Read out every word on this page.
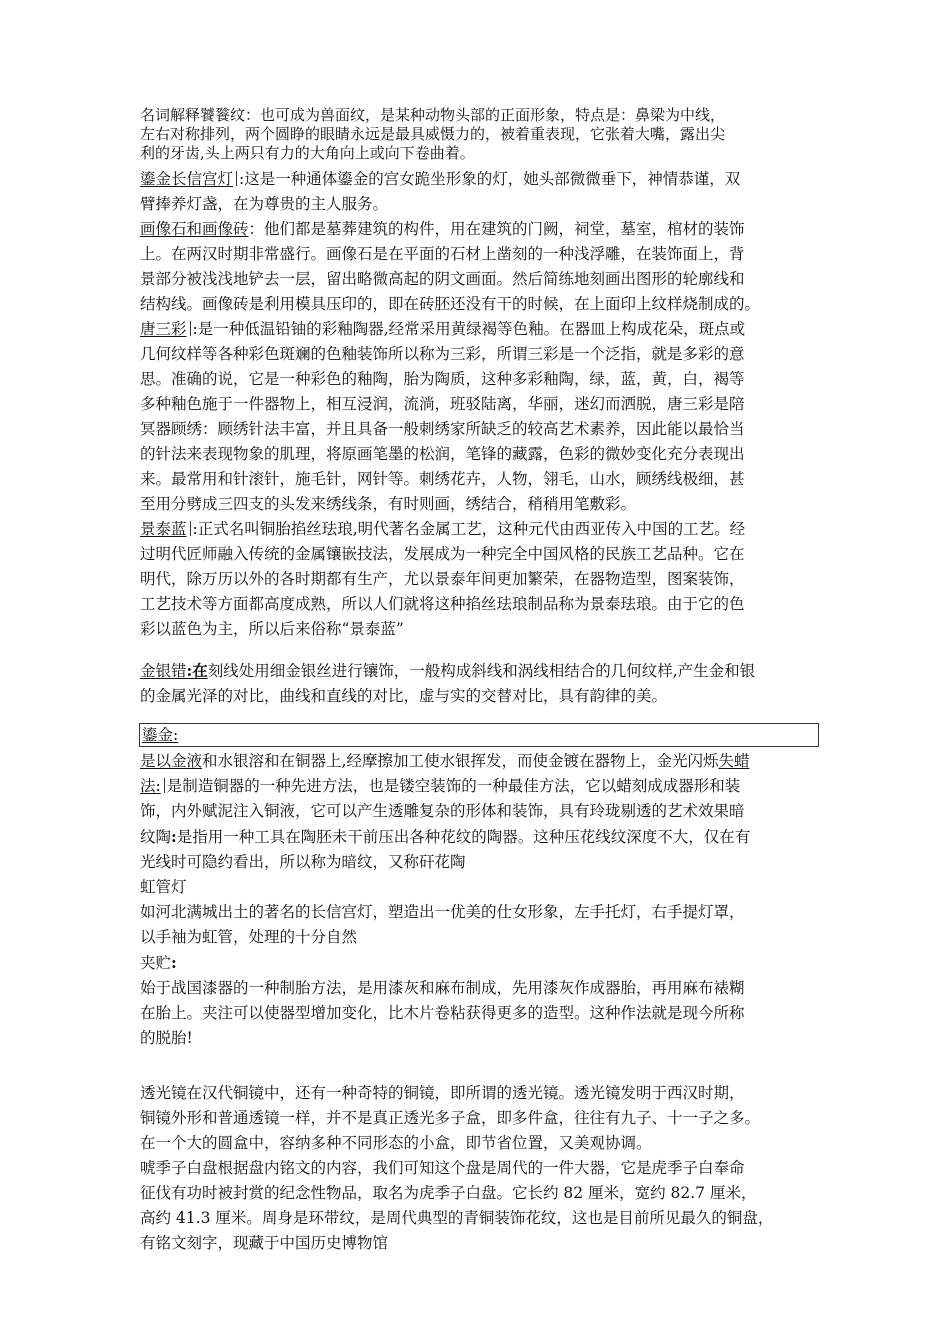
名词解释饕餮纹：也可成为兽面纹，是某种动物头部的正面形象，特点是：鼻梁为中线，
左右对称排列，两个圆睁的眼睛永远是最具威慑力的，被着重表现，它张着大嘴，露出尖
利的牙齿,头上两只有力的大角向上或向下卷曲着。
鎏金长信宫灯 :这是一种通体鎏金的宫女跪坐形象的灯，她头部微微垂下，神情恭谨，双
臂捧养灯盏，在为尊贵的主人服务。
画像石和画像砖：他们都是墓葬建筑的构件，用在建筑的门阙，祠堂，墓室，棺材的装饰
上。在两汉时期非常盛行。画像石是在平面的石材上凿刻的一种浅浮雕，在装饰面上，背
景部分被浅浅地铲去一层，留出略微高起的阴文画面。然后简练地刻画出图形的轮廓线和
结构线。画像砖是利用模具压印的，即在砖胚还没有干的时候，在上面印上纹样烧制成的。
唐三彩 :是一种低温铅铀的彩釉陶器,经常采用黄绿褐等色釉。在器皿上构成花朵，斑点或
几何纹样等各种彩色斑斓的色釉装饰所以称为三彩，所谓三彩是一个泛指，就是多彩的意
思。准确的说，它是一种彩色的釉陶，胎为陶质，这种多彩釉陶，绿，蓝，黄，白，褐等
多种釉色施于一件器物上，相互浸润，流淌，班驳陆离，华丽，迷幻而洒脱，唐三彩是陪
冥器顾绣：顾绣针法丰富，并且具备一般刺绣家所缺乏的较高艺术素养，因此能以最恰当
的针法来表现物象的肌理，将原画笔墨的松润，笔锋的藏露，色彩的微妙变化充分表现出
来。最常用和针滚针，施毛针，网针等。刺绣花卉，人物，翎毛，山水，顾绣线极细，甚
至用分劈成三四支的头发来绣线条，有时则画，绣结合，稍稍用笔敷彩。
景泰蓝 :正式名叫铜胎掐丝珐琅,明代著名金属工艺，这种元代由西亚传入中国的工艺。经
过明代匠师融入传统的金属镶嵌技法，发展成为一种完全中国风格的民族工艺品种。它在
明代，除万历以外的各时期都有生产，尤以景泰年间更加繁荣，在器物造型，图案装饰，
工艺技术等方面都高度成熟，所以人们就将这种掐丝珐琅制品称为景泰珐琅。由于它的色
彩以蓝色为主，所以后来俗称“景泰蓝”
金银错:在刻线处用细金银丝进行镶饰，一般构成斜线和涡线相结合的几何纹样,产生金和银
的金属光泽的对比，曲线和直线的对比，虚与实的交替对比，具有韵律的美。
鎏金:
是以金液和水银溶和在铜器上,经摩擦加工使水银挥发，而使金镀在器物上，金光闪烁失蜡
法: 是制造铜器的一种先进方法，也是镂空装饰的一种最佳方法，它以蜡刻成成器形和装
饰，内外赋泥注入铜液，它可以产生透雕复杂的形体和装饰，具有玲珑剔透的艺术效果暗
纹陶:是指用一种工具在陶胚未干前压出各种花纹的陶器。这种压花线纹深度不大，仅在有
光线时可隐约看出，所以称为暗纹，又称矸花陶
虹管灯
如河北满城出土的著名的长信宫灯，塑造出一优美的仕女形象，左手托灯，右手提灯罩，
以手袖为虹管，处理的十分自然
夹贮:
始于战国漆器的一种制胎方法，是用漆灰和麻布制成，先用漆灰作成器胎，再用麻布裱糊
在胎上。夹注可以使器型增加变化，比木片卷粘获得更多的造型。这种作法就是现今所称
的脱胎!
透光镜在汉代铜镜中，还有一种奇特的铜镜，即所谓的透光镜。透光镜发明于西汉时期，
铜镜外形和普通透镜一样，并不是真正透光多子盒，即多件盒，往往有九子、十一子之多。
在一个大的圆盒中，容纳多种不同形态的小盒，即节省位置，又美观协调。
唬季子白盘根据盘内铭文的内容，我们可知这个盘是周代的一件大器，它是虎季子白奉命
征伐有功时被封赏的纪念性物品，取名为虎季子白盘。它长约 82 厘米，宽约 82.7 厘米，
高约 41.3 厘米。周身是环带纹，是周代典型的青铜装饰花纹，这也是目前所见最久的铜盘，
有铭文刻字，现藏于中国历史博物馆
